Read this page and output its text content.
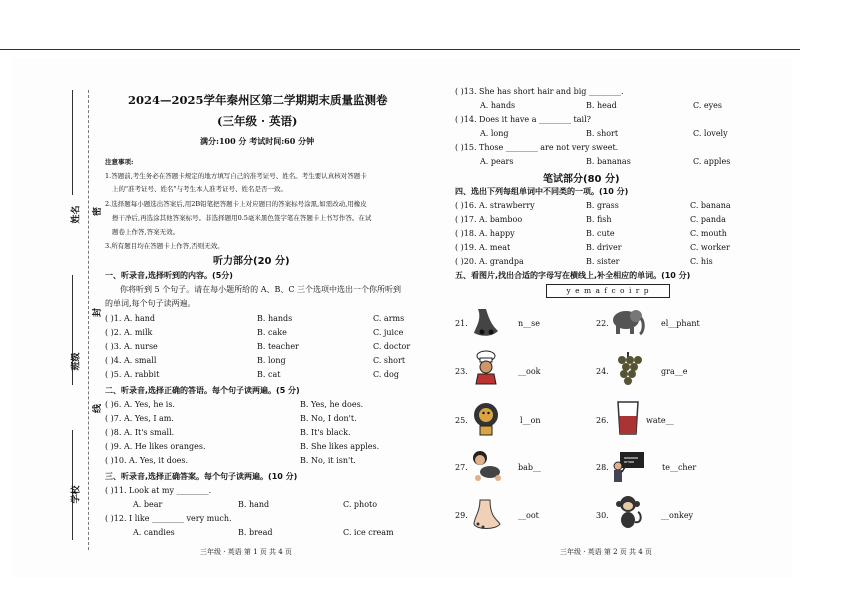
姓名
班级
学校
密
封
线
2024—2025学年秦州区第二学期期末质量监测卷
(三年级 · 英语)
满分:100 分 考试时间:60 分钟
注意事项:
1.答题前,考生务必在答题卡规定的地方填写自己的准考证号、姓名。考生要认真核对答题卡
上的"准考证号、姓名"与考生本人准考证号、姓名是否一致。
2.选择题每小题选出答案后,用2B铅笔把答题卡上对应题目的答案标号涂黑,如需改动,用橡皮
擦干净后,再选涂其他答案标号。非选择题用0.5毫米黑色签字笔在答题卡上书写作答。在试
题卷上作答,答案无效。
3.所有题目均在答题卡上作答,否则无效。
听力部分(20 分)
一、听录音,选择听到的内容。(5分)
你将听到 5 个句子。请在每小题所给的 A、B、C 三个选项中选出一个你所听到
的单词,每个句子读两遍。
( )1. A. hand	B. hands	C. arms
( )2. A. milk	B. cake	C. juice
( )3. A. nurse	B. teacher	C. doctor
( )4. A. small	B. long	C. short
( )5. A. rabbit	B. cat	C. dog
二、听录音,选择正确的答语。每个句子读两遍。(5 分)
( )6. A. Yes, he is.	B. Yes, he does.
( )7. A. Yes, I am.	B. No, I don't.
( )8. A. It's small.	B. It's black.
( )9. A. He likes oranges.	B. She likes apples.
( )10. A. Yes, it does.	B. No, it isn't.
三、听录音,选择正确答案。每个句子读两遍。(10 分)
( )11. Look at my ________.
A. bear	B. hand	C. photo
( )12. I like ________ very much.
A. candies	B. bread	C. ice cream
三年级 · 英语 第 1 页 共 4 页
( )13. She has short hair and big ________.
A. hands	B. head	C. eyes
( )14. Does it have a ________ tail?
A. long	B. short	C. lovely
( )15. Those ________ are not very sweet.
A. pears	B. bananas	C. apples
笔试部分(80 分)
四、选出下列每组单词中不同类的一项。(10 分)
( )16. A. strawberry	B. grass	C. banana
( )17. A. bamboo	B. fish	C. panda
( )18. A. happy	B. cute	C. mouth
( )19. A. meat	B. driver	C. worker
( )20. A. grandpa	B. sister	C. his
五、看图片,找出合适的字母写在横线上,补全相应的单词。(10 分)
y e m a f c o i r p
21.	n__se
23.	__ook
25.	l__on
27.	bab__
29.	__oot
22.	el__phant
24.	gra__e
26.	wate__
28.	te__cher
30.	__onkey
三年级 · 英语 第 2 页 共 4 页
